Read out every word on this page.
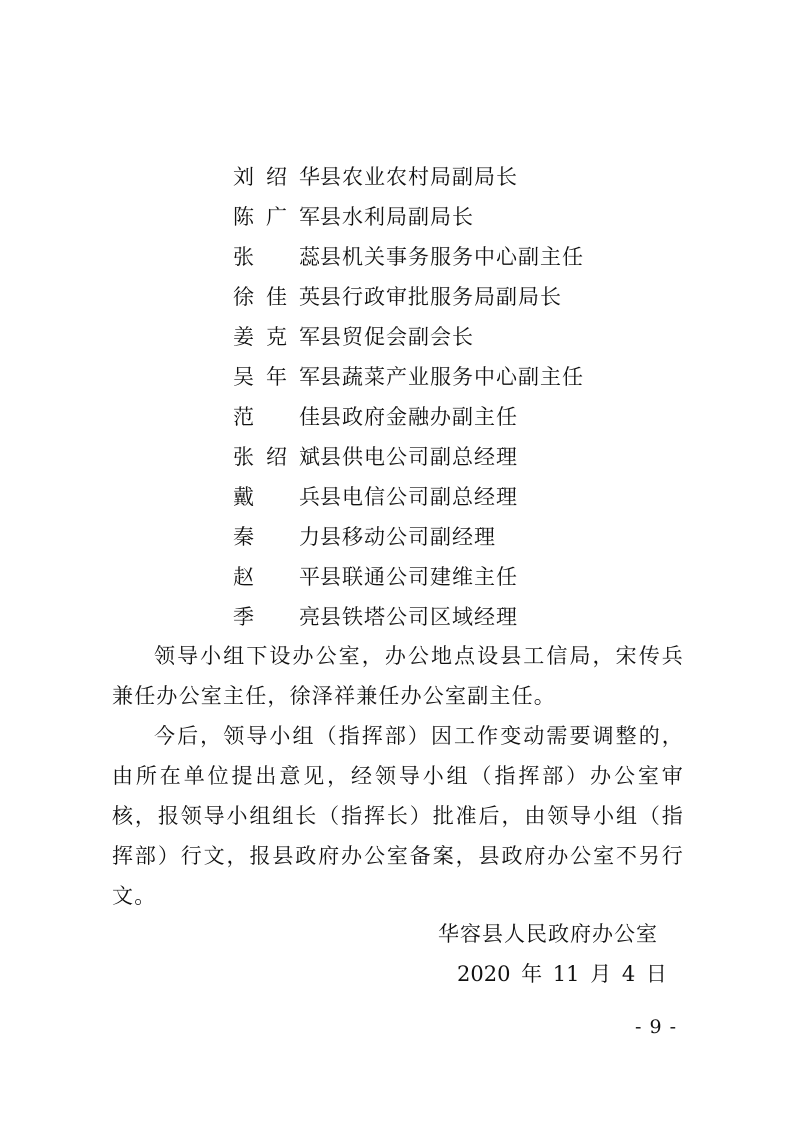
刘绍华县农业农村局副局长
陈广军县水利局副局长
张蕊县机关事务服务中心副主任
徐佳英县行政审批服务局副局长
姜克军县贸促会副会长
吴年军县蔬菜产业服务中心副主任
范佳县政府金融办副主任
张绍斌县供电公司副总经理
戴兵县电信公司副总经理
秦力县移动公司副经理
赵平县联通公司建维主任
季亮县铁塔公司区域经理

领导小组下设办公室，办公地点设县工信局，宋传兵兼任办公室主任，徐泽祥兼任办公室副主任。

今后，领导小组（指挥部）因工作变动需要调整的，由所在单位提出意见，经领导小组（指挥部）办公室审核，报领导小组组长（指挥长）批准后，由领导小组（指挥部）行文，报县政府办公室备案，县政府办公室不另行文。

华容县人民政府办公室
2020 年 11 月 4 日
- 9 -
